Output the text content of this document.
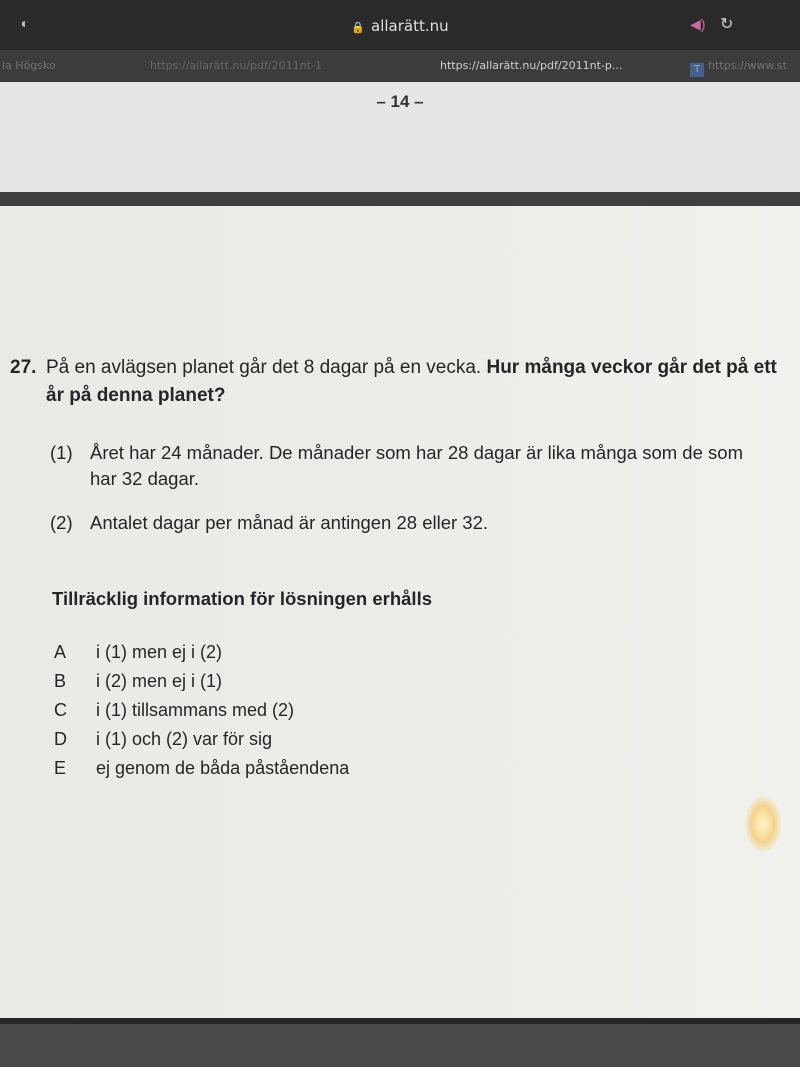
◐	🔒 allarätt.nu	◀) ↻
la Högsko	https://allarätt.nu/pdf/2011nt-1	https://allarätt.nu/pdf/2011nt-p...	T https://www.st
– 14 –
27. På en avlägsen planet går det 8 dagar på en vecka. Hur många veckor går det på ett år på denna planet?
(1) Året har 24 månader. De månader som har 28 dagar är lika många som de som har 32 dagar.
(2) Antalet dagar per månad är antingen 28 eller 32.
Tillräcklig information för lösningen erhålls
A	i (1) men ej i (2)
B	i (2) men ej i (1)
C	i (1) tillsammans med (2)
D	i (1) och (2) var för sig
E	ej genom de båda påståendena
